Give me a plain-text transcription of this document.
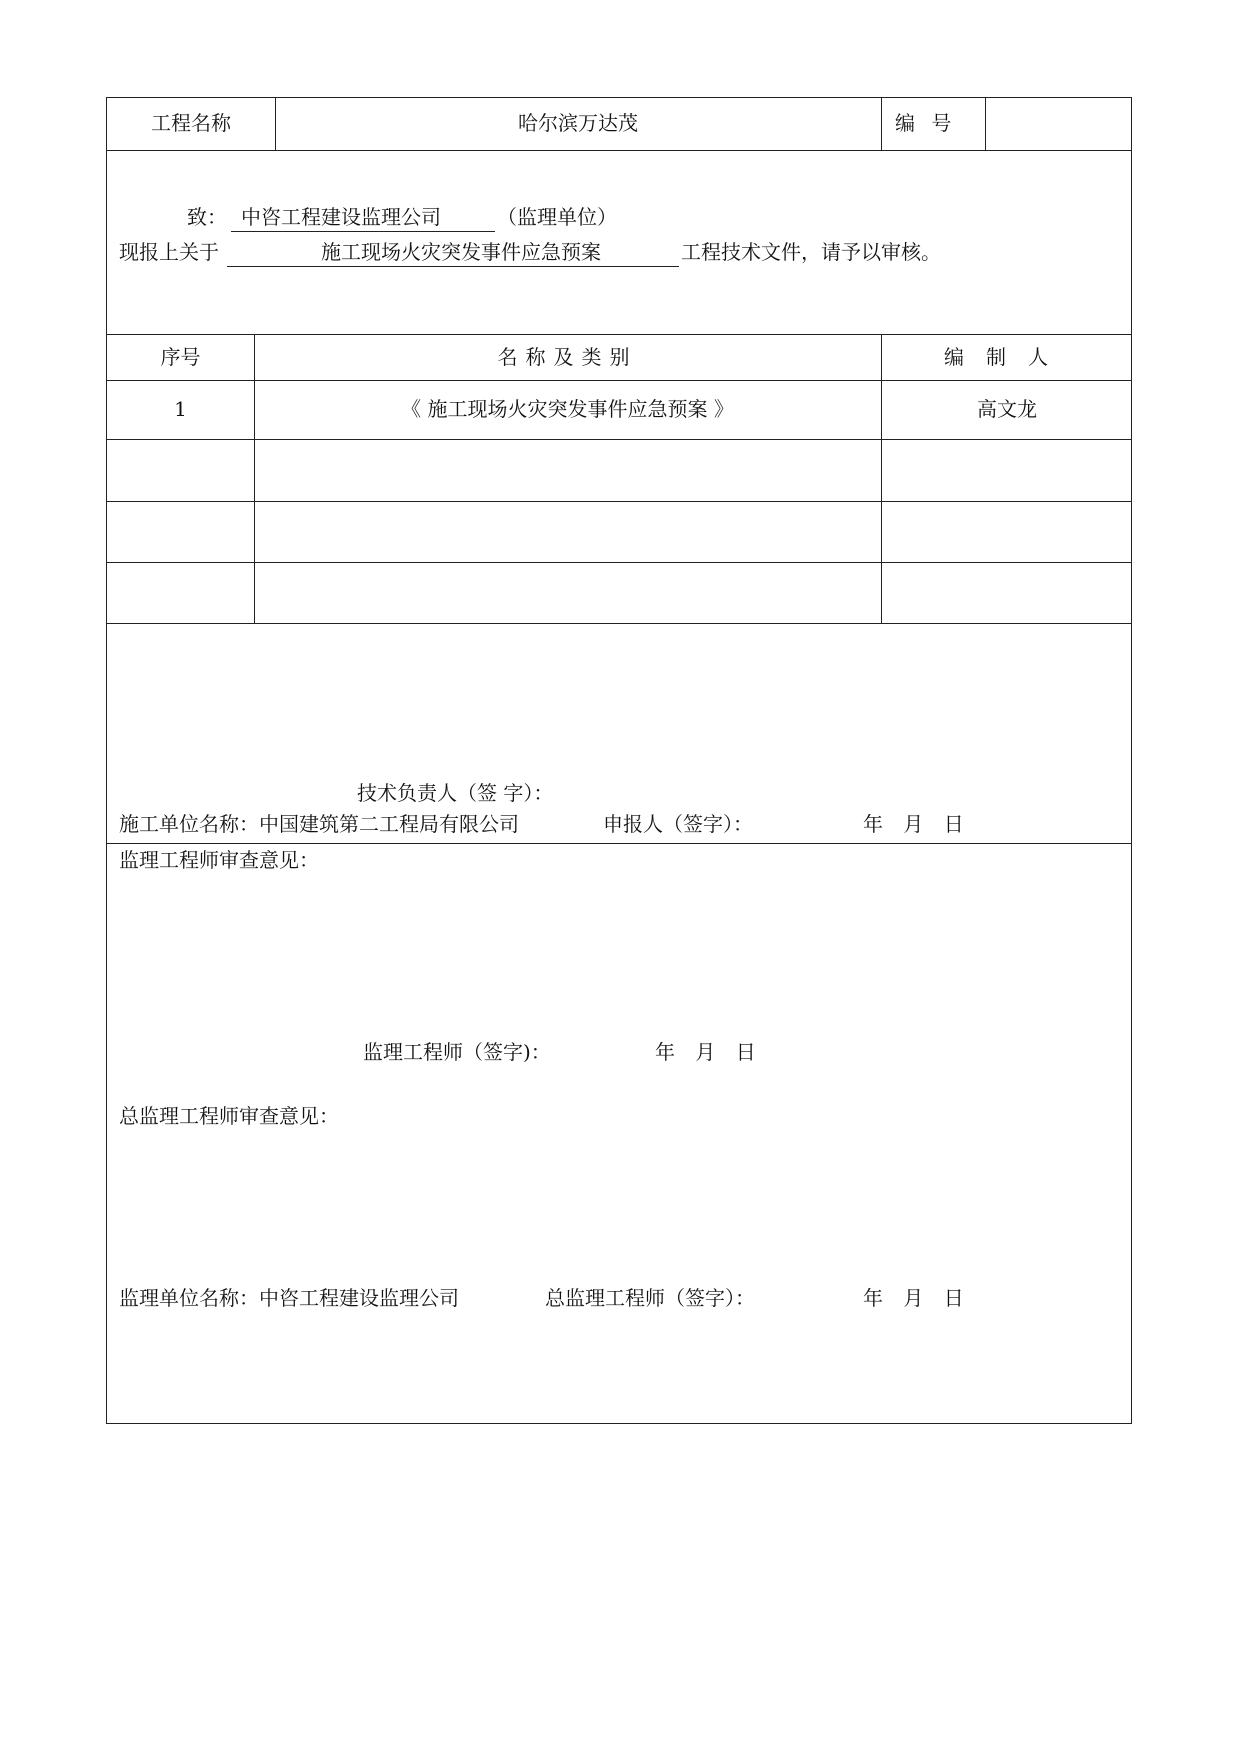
工程名称	哈尔滨万达茂	编 号
致： 中咨工程建设监理公司	（监理单位）
现报上关于	施工现场火灾突发事件应急预案	工程技术文件，请予以审核。
序号	名称及类别	编制人
1	《 施工现场火灾突发事件应急预案 》	高文龙
技术负责人（签 字）：
施工单位名称：中国建筑第二工程局有限公司	申报人（签字）：	年 月 日
监理工程师审查意见：
监理工程师（签字)：	年 月 日
总监理工程师审查意见：
监理单位名称：中咨工程建设监理公司	总监理工程师（签字）：	年 月 日
